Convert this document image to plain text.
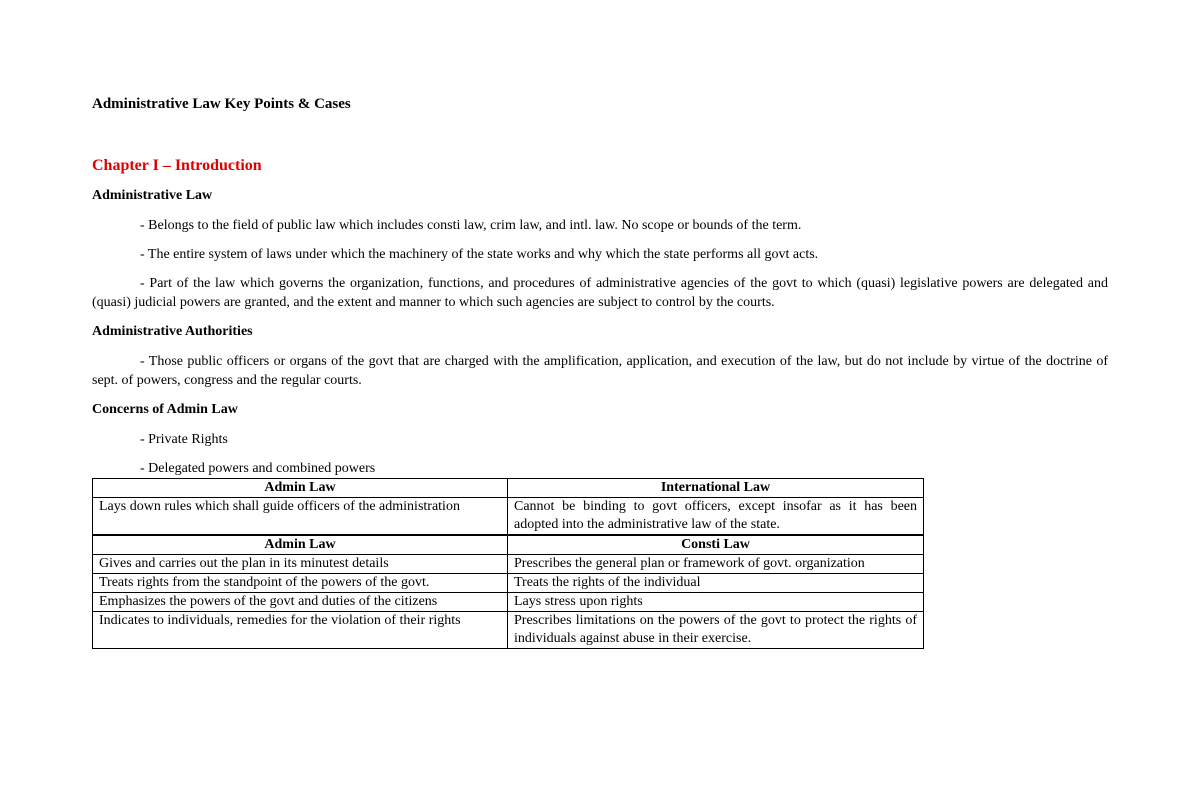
Administrative Law Key Points & Cases

Chapter I – Introduction

Administrative Law

- Belongs to the field of public law which includes consti law, crim law, and intl. law. No scope or bounds of the term.

- The entire system of laws under which the machinery of the state works and why which the state performs all govt acts.

- Part of the law which governs the organization, functions, and procedures of administrative agencies of the govt to which (quasi) legislative powers are delegated and (quasi) judicial powers are granted, and the extent and manner to which such agencies are subject to control by the courts.

Administrative Authorities

- Those public officers or organs of the govt that are charged with the amplification, application, and execution of the law, but do not include by virtue of the doctrine of sept. of powers, congress and the regular courts.

Concerns of Admin Law

- Private Rights

- Delegated powers and combined powers

Admin Law	International Law
Lays down rules which shall guide officers of the administration	Cannot be binding to govt officers, except insofar as it has been adopted into the administrative law of the state.
Admin Law	Consti Law
Gives and carries out the plan in its minutest details	Prescribes the general plan or framework of govt. organization
Treats rights from the standpoint of the powers of the govt.	Treats the rights of the individual
Emphasizes the powers of the govt and duties of the citizens	Lays stress upon rights
Indicates to individuals, remedies for the violation of their rights	Prescribes limitations on the powers of the govt to protect the rights of individuals against abuse in their exercise.
